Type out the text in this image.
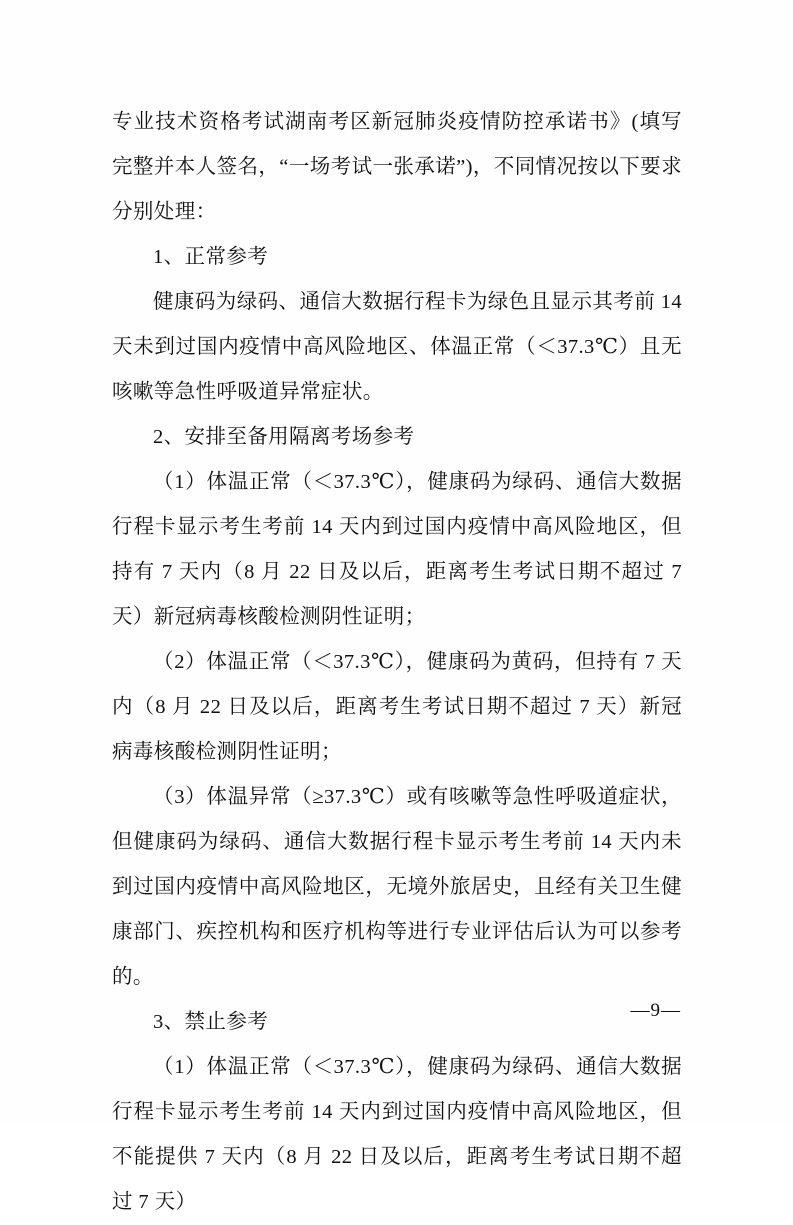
专业技术资格考试湖南考区新冠肺炎疫情防控承诺书》(填写完整并本人签名，“一场考试一张承诺”)，不同情况按以下要求分别处理：

1、正常参考

健康码为绿码、通信大数据行程卡为绿色且显示其考前 14 天未到过国内疫情中高风险地区、体温正常（＜37.3℃）且无咳嗽等急性呼吸道异常症状。

2、安排至备用隔离考场参考

（1）体温正常（＜37.3℃），健康码为绿码、通信大数据行程卡显示考生考前 14 天内到过国内疫情中高风险地区，但持有 7 天内（8 月 22 日及以后，距离考生考试日期不超过 7 天）新冠病毒核酸检测阴性证明；

（2）体温正常（＜37.3℃），健康码为黄码，但持有 7 天内（8 月 22 日及以后，距离考生考试日期不超过 7 天）新冠病毒核酸检测阴性证明；

（3）体温异常（≥37.3℃）或有咳嗽等急性呼吸道症状，但健康码为绿码、通信大数据行程卡显示考生考前 14 天内未到过国内疫情中高风险地区，无境外旅居史，且经有关卫生健康部门、疾控机构和医疗机构等进行专业评估后认为可以参考的。

3、禁止参考

（1）体温正常（＜37.3℃），健康码为绿码、通信大数据行程卡显示考生考前 14 天内到过国内疫情中高风险地区，但不能提供 7 天内（8 月 22 日及以后，距离考生考试日期不超过 7 天）

—9—
